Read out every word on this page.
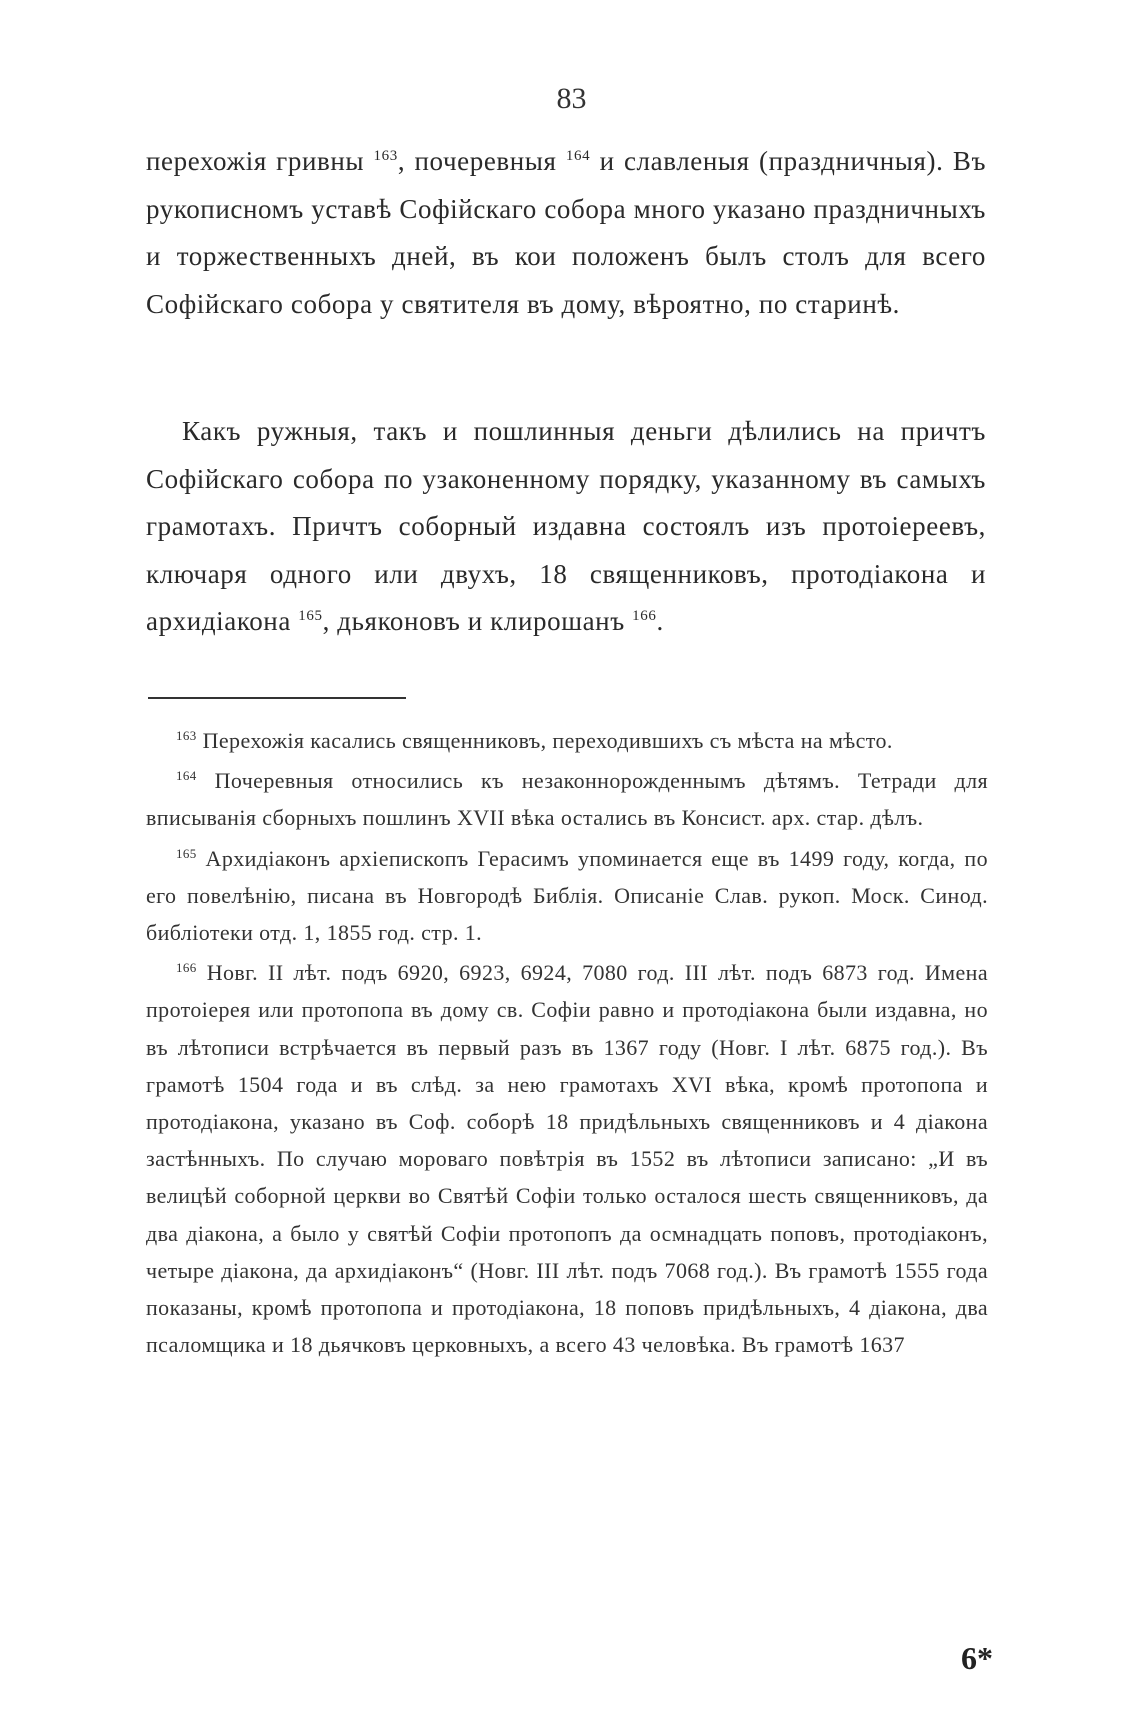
83

перехожія гривны $^{163}$, почеревныя $^{164}$ и славленыя (праздничныя). Въ рукописномъ уставѣ Софійскаго собора много указано праздничныхъ и торжественныхъ дней, въ кои положенъ былъ столъ для всего Софійскаго собора у святителя въ дому, вѣроятно, по старинѣ.

Какъ ружныя, такъ и пошлинныя деньги дѣлились на причтъ Софійскаго собора по узаконенному порядку, указанному въ самыхъ грамотахъ. Причтъ соборный издавна состоялъ изъ протоіереевъ, ключаря одного или двухъ, 18 священниковъ, протодіакона и архидіакона $^{165}$, дьяконовъ и клирошанъ $^{166}$.

$^{163}$ Перехожія касались священниковъ, переходившихъ съ мѣста на мѣсто.

$^{164}$ Почеревныя относились къ незаконнорожденнымъ дѣтямъ. Тетради для вписыванія сборныхъ пошлинъ XVII вѣка остались въ Консист. арх. стар. дѣлъ.

$^{165}$ Архидіаконъ архіепископъ Герасимъ упоминается еще въ 1499 году, когда, по его повелѣнію, писана въ Новгородѣ Библія. Описаніе Слав. рукоп. Моск. Синод. библіотеки отд. 1, 1855 год. стр. 1.

$^{166}$ Новг. II лѣт. подъ 6920, 6923, 6924, 7080 год. III лѣт. подъ 6873 год. Имена протоіерея или протопопа въ дому св. Софіи равно и протодіакона были издавна, но въ лѣтописи встрѣчается въ первый разъ въ 1367 году (Новг. I лѣт. 6875 год.). Въ грамотѣ 1504 года и въ слѣд. за нею грамотахъ XVI вѣка, кромѣ протопопа и протодіакона, указано въ Соф. соборѣ 18 придѣльныхъ священниковъ и 4 діакона застѣнныхъ. По случаю мороваго повѣтрія въ 1552 въ лѣтописи записано: „И въ велицѣй соборной церкви во Святѣй Софіи только осталося шесть священниковъ, да два діакона, а было у святѣй Софіи протопопъ да осмнадцать поповъ, протодіаконъ, четыре діакона, да архидіаконъ“ (Новг. III лѣт. подъ 7068 год.). Въ грамотѣ 1555 года показаны, кромѣ протопопа и протодіакона, 18 поповъ придѣльныхъ, 4 діакона, два псаломщика и 18 дьячковъ церковныхъ, а всего 43 человѣка. Въ грамотѣ 1637

6*
